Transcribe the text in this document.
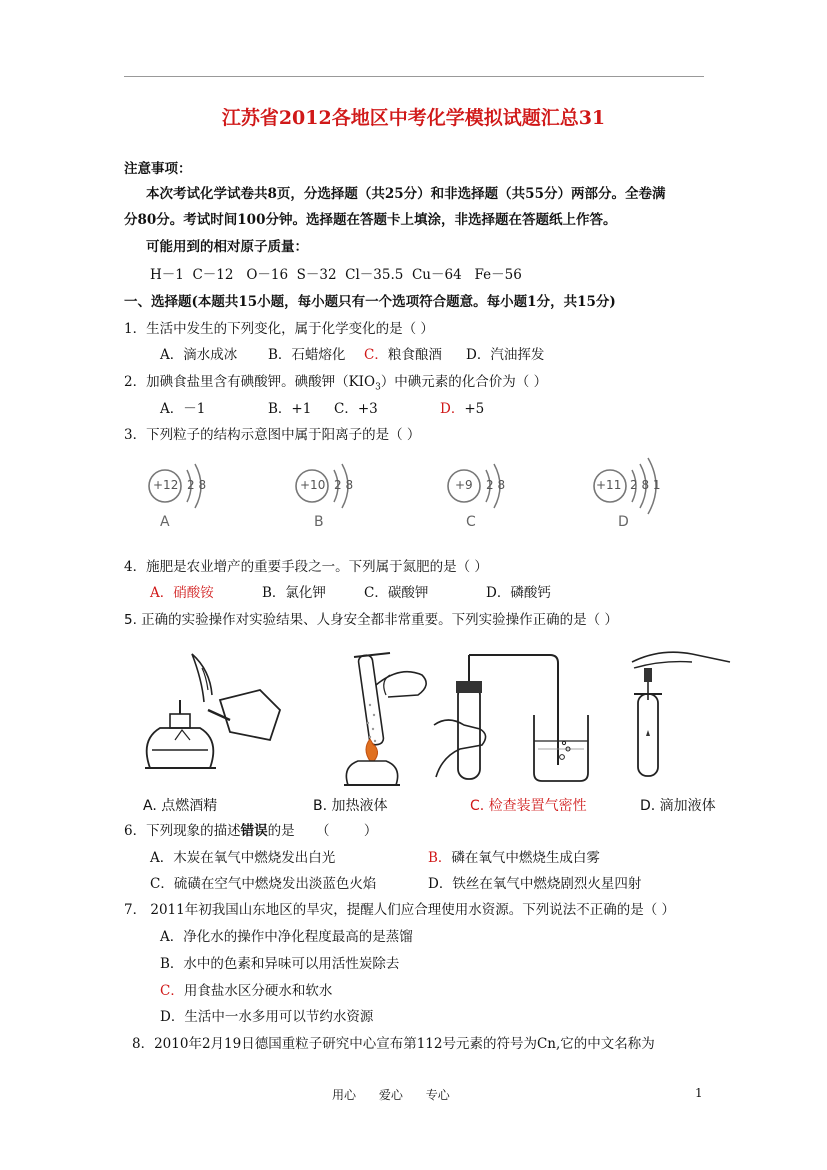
江苏省2012各地区中考化学模拟试题汇总31
注意事项：
本次考试化学试卷共8页，分选择题（共25分）和非选择题（共55分）两部分。全卷满
分80分。考试时间100分钟。选择题在答题卡上填涂，非选择题在答题纸上作答。
可能用到的相对原子质量：
H－1  C－12   O－16  S－32  Cl－35.5  Cu－64   Fe－56
一、选择题(本题共15小题，每小题只有一个选项符合题意。每小题1分，共15分)
1．生活中发生的下列变化，属于化学变化的是（ ）
A．滴水成冰 B．石蜡熔化 C．粮食酿酒 D．汽油挥发
2．加碘食盐里含有碘酸钾。碘酸钾$(KIO_3)$中碘元素的化合价为（ ）
A．－1	B．+1 C．+3	D．+5
3．下列粒子的结构示意图中属于阳离子的是（ ）
+12 2 8
A
+10 2 8
B
+9 2 8
C
+11 2 8 1
D
4．施肥是农业增产的重要手段之一。下列属于氮肥的是（ ）
A．硝酸铵	B．氯化钾	C．碳酸钾	D．磷酸钙
5. 正确的实验操作对实验结果、人身安全都非常重要。下列实验操作正确的是（ ）
A. 点燃酒精	B. 加热液体	C. 检查装置气密性	D. 滴加液体
6．下列现象的描述错误的是     （        ）
A．木炭在氧气中燃烧发出白光	B．磷在氧气中燃烧生成白雾
C．硫磺在空气中燃烧发出淡蓝色火焰	D．铁丝在氧气中燃烧剧烈火星四射
7． 2011年初我国山东地区的旱灾，提醒人们应合理使用水资源。下列说法不正确的是（ ）
A．净化水的操作中净化程度最高的是蒸馏
B．水中的色素和异味可以用活性炭除去
C．用食盐水区分硬水和软水
D．生活中一水多用可以节约水资源
8．2010年2月19日德国重粒子研究中心宣布第112号元素的符号为Cn,它的中文名称为
用心      爱心      专心	1
